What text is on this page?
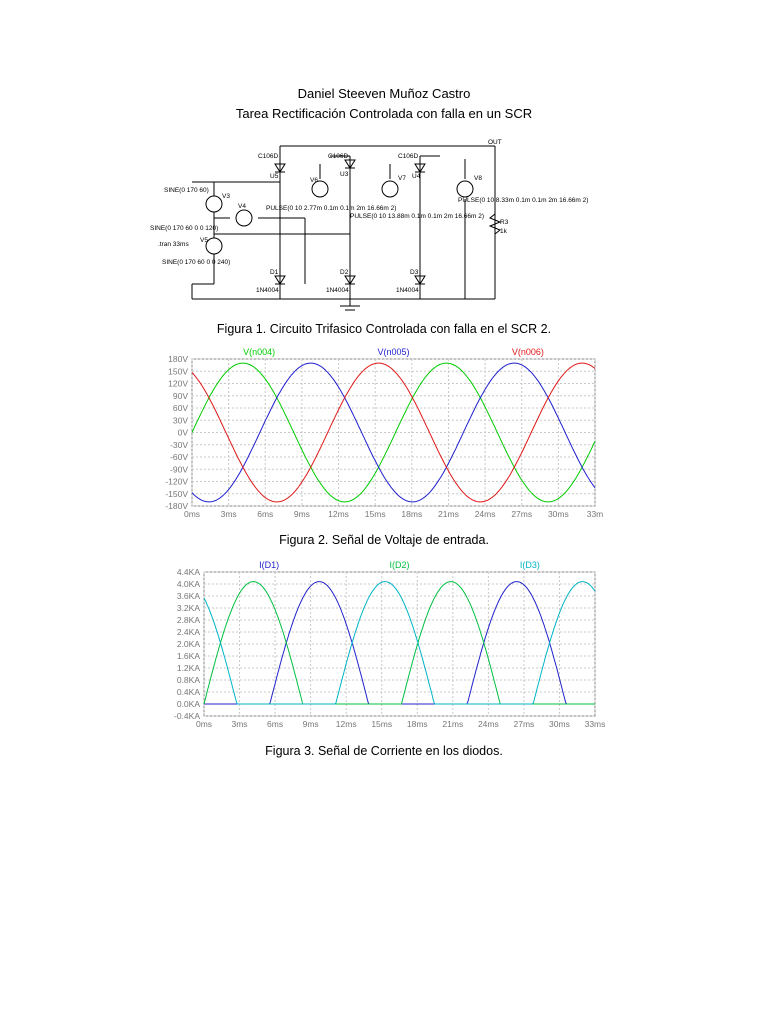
Daniel Steeven Muñoz Castro
Tarea Rectificación Controlada con falla en un SCR
OUT
C106D
U5
C106D
U3
C106D
U4
SINE(0 170 60)
V3
V4
SINE(0 170 60 0 0 120)
V5
.tran 33ms
SINE(0 170 60 0 0 240)
V6
PULSE(0 10 2.77m 0.1m 0.1m 2m 16.66m 2)
V7
PULSE(0 10 13.88m 0.1m 0.1m 2m 16.66m 2)
V8
PULSE(0 10 8.33m 0.1m 0.1m 2m 16.66m 2)
R3
1k
D1
1N4004
D2
1N4004
D3
1N4004
Figura 1. Circuito Trifasico Controlada con falla en el SCR 2.
180V
150V
120V
90V
60V
30V
0V
-30V
-60V
-90V
-120V
-150V
-180V
0ms 3ms 6ms 9ms 12ms 15ms 18ms 21ms 24ms 27ms 30ms 33m
V(n004)	V(n005)	V(n006)
Figura 2. Señal de Voltaje de entrada.
4.4KA
4.0KA
3.6KA
3.2KA
2.8KA
2.4KA
2.0KA
1.6KA
1.2KA
0.8KA
0.4KA
0.0KA
-0.4KA
0ms 3ms 6ms 9ms 12ms 15ms 18ms 21ms 24ms 27ms 30ms 33ms
I(D1)	I(D2)	I(D3)
Figura 3. Señal de Corriente en los diodos.
